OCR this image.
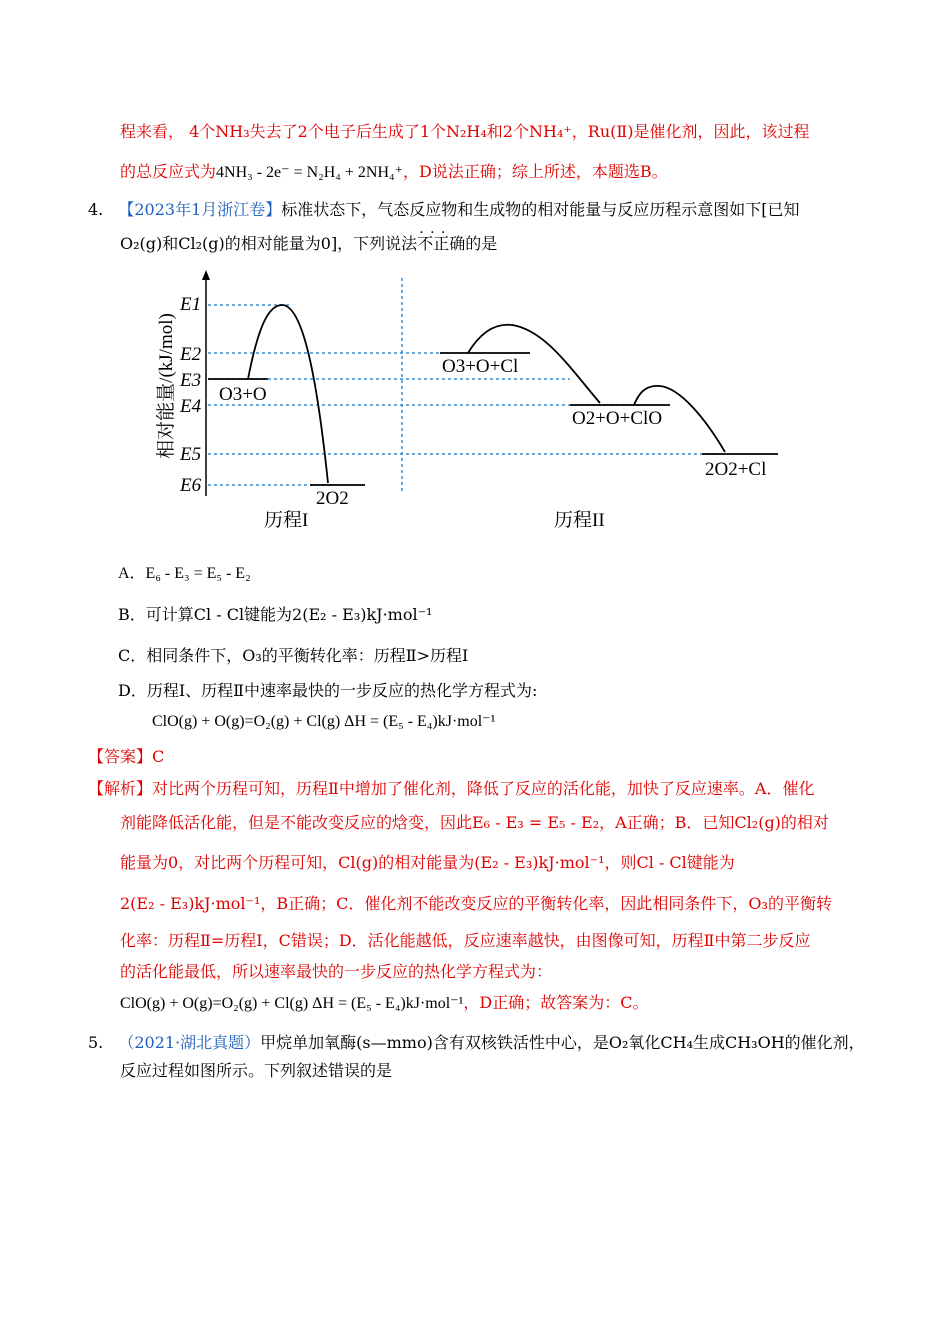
程来看， 4个NH₃失去了2个电子后生成了1个N₂H₄和2个NH₄⁺，Ru(Ⅱ)是催化剂，因此，该过程
的总反应式为4NH₃ - 2e⁻ = N₂H₄ + 2NH₄⁺，D说法正确；综上所述，本题选B。
4. 【2023年1月浙江卷】标准状态下，气态反应物和生成物的相对能量与反应历程示意图如下[已知
O₂(g)和Cl₂(g)的相对能量为0]，下列说法不正确 · · ·的是
相对能量/(kJ/mol)
E1
E2
E3
E4
E5
E6
O3+O
2O2
O3+O+Cl
O2+O+ClO
2O2+Cl
历程I	历程II
A．E₆ - E₃ = E₅ - E₂
B．可计算Cl - Cl键能为2(E₂ - E₃)kJ·mol⁻¹
C．相同条件下，O₃的平衡转化率：历程Ⅱ>历程Ⅰ
D．历程Ⅰ、历程Ⅱ中速率最快的一步反应的热化学方程式为:
ClO(g) + O(g)=O₂(g) + Cl(g) ΔH = (E₅ - E₄)kJ·mol⁻¹
【答案】C
【解析】对比两个历程可知，历程Ⅱ中增加了催化剂，降低了反应的活化能，加快了反应速率。A．催化
剂能降低活化能，但是不能改变反应的焓变，因此E₆ - E₃ = E₅ - E₂，A正确；B．已知Cl₂(g)的相对
能量为0，对比两个历程可知，Cl(g)的相对能量为(E₂ - E₃)kJ·mol⁻¹，则Cl - Cl键能为
2(E₂ - E₃)kJ·mol⁻¹，B正确；C．催化剂不能改变反应的平衡转化率，因此相同条件下，O₃的平衡转
化率：历程Ⅱ=历程Ⅰ，C错误；D．活化能越低，反应速率越快，由图像可知，历程Ⅱ中第二步反应
的活化能最低，所以速率最快的一步反应的热化学方程式为：
ClO(g) + O(g)=O₂(g) + Cl(g) ΔH = (E₅ - E₄)kJ·mol⁻¹，D正确；故答案为：C。
5. （2021·湖北真题）甲烷单加氧酶(s—mmo)含有双核铁活性中心，是O₂氧化CH₄生成CH₃OH的催化剂，
反应过程如图所示。下列叙述错误的是
